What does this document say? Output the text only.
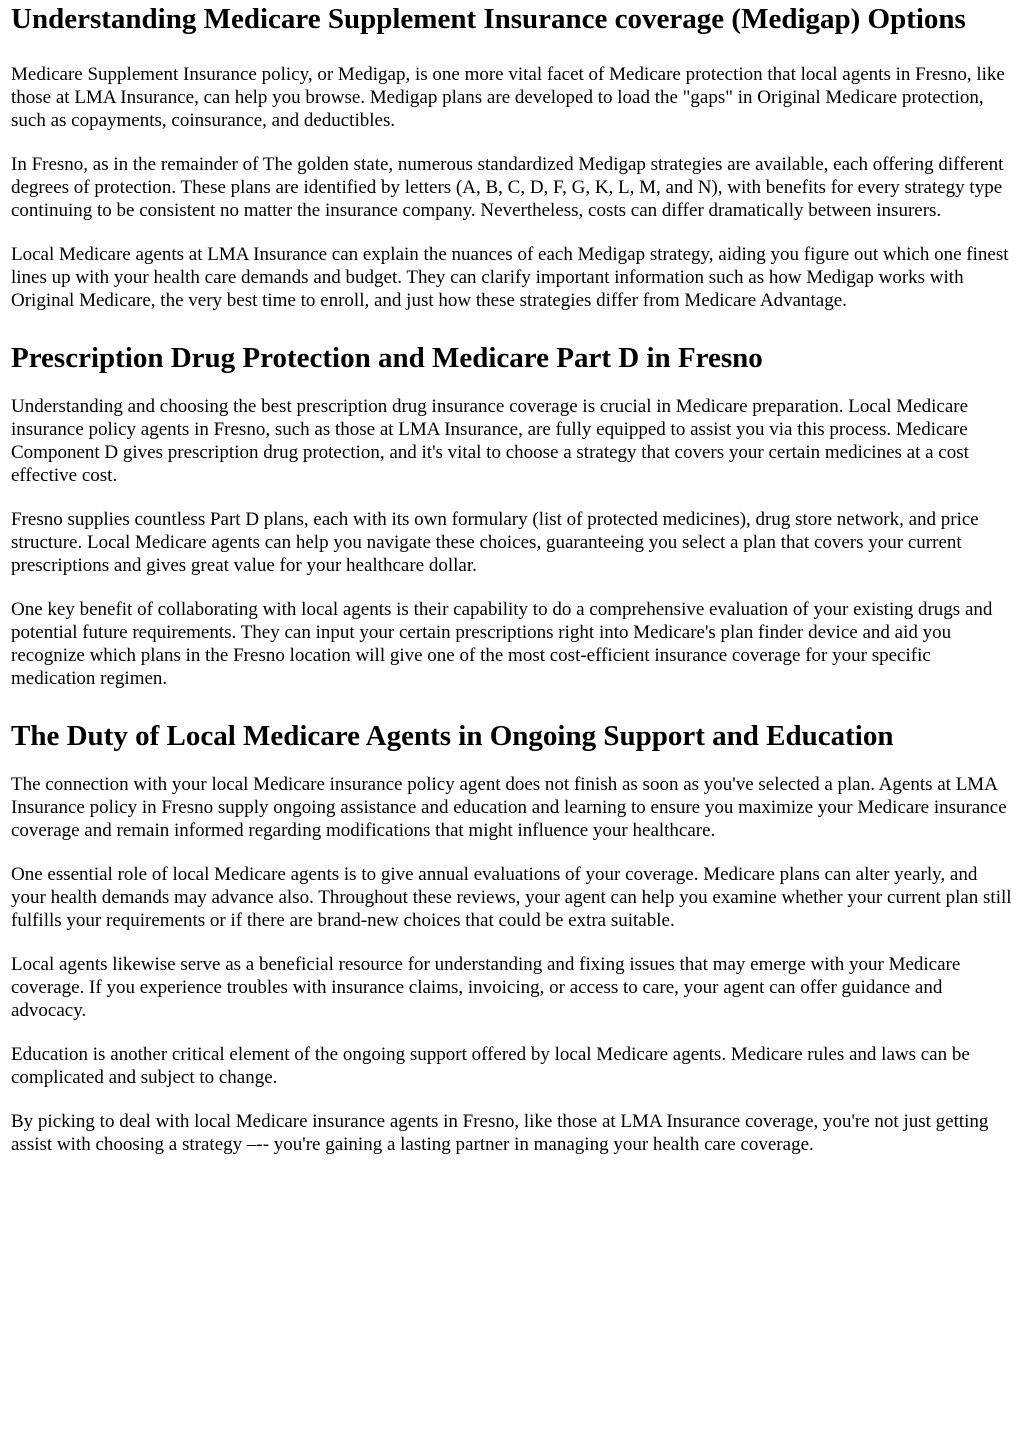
Understanding Medicare Supplement Insurance coverage (Medigap) Options

Medicare Supplement Insurance policy, or Medigap, is one more vital facet of Medicare protection that local agents in Fresno, like those at LMA Insurance, can help you browse. Medigap plans are developed to load the "gaps" in Original Medicare protection, such as copayments, coinsurance, and deductibles.

In Fresno, as in the remainder of The golden state, numerous standardized Medigap strategies are available, each offering different degrees of protection. These plans are identified by letters (A, B, C, D, F, G, K, L, M, and N), with benefits for every strategy type continuing to be consistent no matter the insurance company. Nevertheless, costs can differ dramatically between insurers.

Local Medicare agents at LMA Insurance can explain the nuances of each Medigap strategy, aiding you figure out which one finest lines up with your health care demands and budget. They can clarify important information such as how Medigap works with Original Medicare, the very best time to enroll, and just how these strategies differ from Medicare Advantage.

Prescription Drug Protection and Medicare Part D in Fresno

Understanding and choosing the best prescription drug insurance coverage is crucial in Medicare preparation. Local Medicare insurance policy agents in Fresno, such as those at LMA Insurance, are fully equipped to assist you via this process. Medicare Component D gives prescription drug protection, and it's vital to choose a strategy that covers your certain medicines at a cost effective cost.

Fresno supplies countless Part D plans, each with its own formulary (list of protected medicines), drug store network, and price structure. Local Medicare agents can help you navigate these choices, guaranteeing you select a plan that covers your current prescriptions and gives great value for your healthcare dollar.

One key benefit of collaborating with local agents is their capability to do a comprehensive evaluation of your existing drugs and potential future requirements. They can input your certain prescriptions right into Medicare's plan finder device and aid you recognize which plans in the Fresno location will give one of the most cost-efficient insurance coverage for your specific medication regimen.

The Duty of Local Medicare Agents in Ongoing Support and Education

The connection with your local Medicare insurance policy agent does not finish as soon as you've selected a plan. Agents at LMA Insurance policy in Fresno supply ongoing assistance and education and learning to ensure you maximize your Medicare insurance coverage and remain informed regarding modifications that might influence your healthcare.

One essential role of local Medicare agents is to give annual evaluations of your coverage. Medicare plans can alter yearly, and your health demands may advance also. Throughout these reviews, your agent can help you examine whether your current plan still fulfills your requirements or if there are brand-new choices that could be extra suitable.

Local agents likewise serve as a beneficial resource for understanding and fixing issues that may emerge with your Medicare coverage. If you experience troubles with insurance claims, invoicing, or access to care, your agent can offer guidance and advocacy.

Education is another critical element of the ongoing support offered by local Medicare agents. Medicare rules and laws can be complicated and subject to change.

By picking to deal with local Medicare insurance agents in Fresno, like those at LMA Insurance coverage, you're not just getting assist with choosing a strategy –-- you're gaining a lasting partner in managing your health care coverage.
